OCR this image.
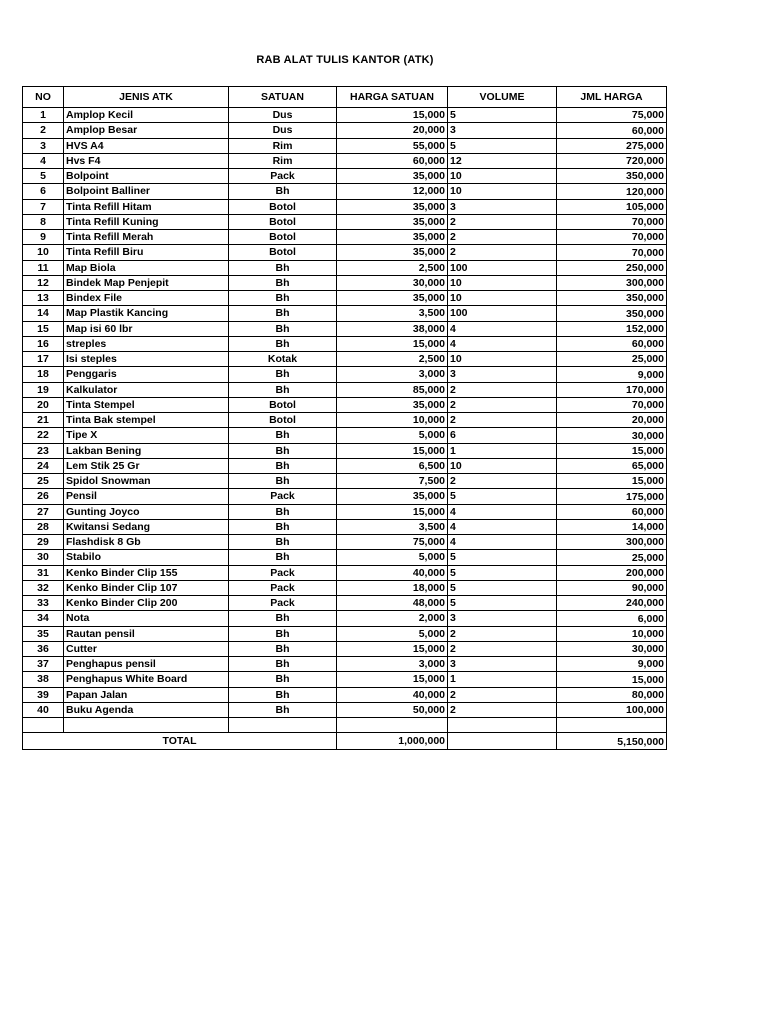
RAB ALAT TULIS KANTOR (ATK)
NO	JENIS ATK	SATUAN	HARGA SATUAN	VOLUME	JML HARGA
1	Amplop Kecil	Dus	15,000	5	75,000
2	Amplop Besar	Dus	20,000	3	60,000
3	HVS A4	Rim	55,000	5	275,000
4	Hvs F4	Rim	60,000	12	720,000
5	Bolpoint	Pack	35,000	10	350,000
6	Bolpoint Balliner	Bh	12,000	10	120,000
7	Tinta Refill Hitam	Botol	35,000	3	105,000
8	Tinta Refill Kuning	Botol	35,000	2	70,000
9	Tinta Refill Merah	Botol	35,000	2	70,000
10	Tinta Refill Biru	Botol	35,000	2	70,000
11	Map Biola	Bh	2,500	100	250,000
12	Bindek Map Penjepit	Bh	30,000	10	300,000
13	Bindex File	Bh	35,000	10	350,000
14	Map Plastik Kancing	Bh	3,500	100	350,000
15	Map isi 60 lbr	Bh	38,000	4	152,000
16	streples	Bh	15,000	4	60,000
17	Isi steples	Kotak	2,500	10	25,000
18	Penggaris	Bh	3,000	3	9,000
19	Kalkulator	Bh	85,000	2	170,000
20	Tinta Stempel	Botol	35,000	2	70,000
21	Tinta Bak stempel	Botol	10,000	2	20,000
22	Tipe X	Bh	5,000	6	30,000
23	Lakban Bening	Bh	15,000	1	15,000
24	Lem Stik 25 Gr	Bh	6,500	10	65,000
25	Spidol Snowman	Bh	7,500	2	15,000
26	Pensil	Pack	35,000	5	175,000
27	Gunting Joyco	Bh	15,000	4	60,000
28	Kwitansi Sedang	Bh	3,500	4	14,000
29	Flashdisk 8 Gb	Bh	75,000	4	300,000
30	Stabilo	Bh	5,000	5	25,000
31	Kenko Binder Clip 155	Pack	40,000	5	200,000
32	Kenko Binder Clip 107	Pack	18,000	5	90,000
33	Kenko Binder Clip 200	Pack	48,000	5	240,000
34	Nota	Bh	2,000	3	6,000
35	Rautan pensil	Bh	5,000	2	10,000
36	Cutter	Bh	15,000	2	30,000
37	Penghapus pensil	Bh	3,000	3	9,000
38	Penghapus White Board	Bh	15,000	1	15,000
39	Papan Jalan	Bh	40,000	2	80,000
40	Buku Agenda	Bh	50,000	2	100,000

TOTAL			1,000,000		5,150,000
